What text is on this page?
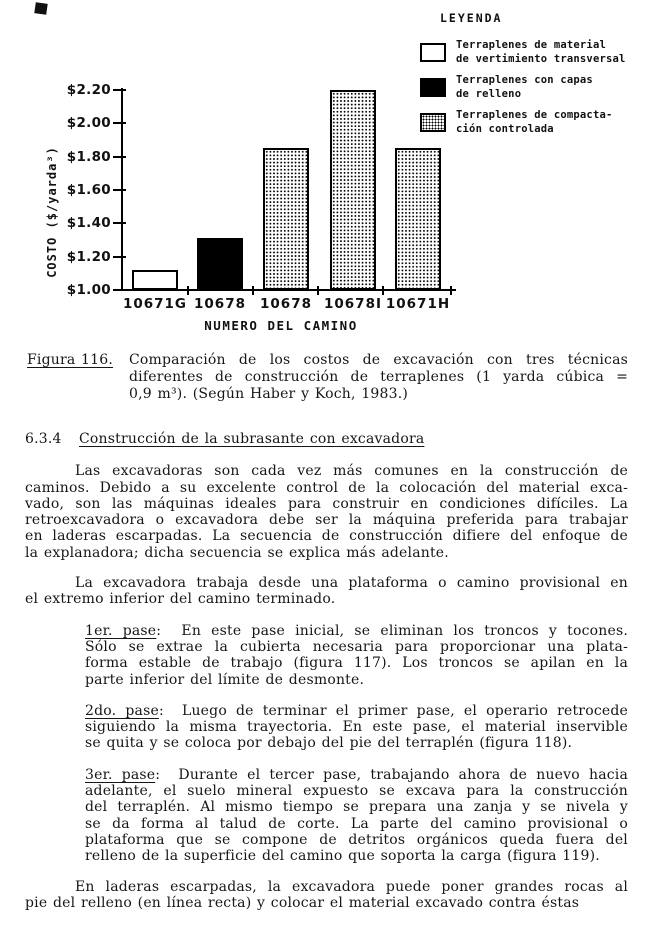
COSTO ($/yarda³)
$1.00
$1.20
$1.40
$1.60
$1.80
$2.00
$2.20
10671G 10678 10678 10678I 10671H
NUMERO DEL CAMINO
LEYENDA
Terraplenes de material
de vertimiento transversal
Terraplenes con capas
de relleno
Terraplenes de compacta-
ción controlada
Figura 116. Comparación de los costos de excavación con tres técnicas
diferentes de construcción de terraplenes (1 yarda cúbica =
0,9 m³). (Según Haber y Koch, 1983.)
6.3.4 Construcción de la subrasante con excavadora
Las excavadoras son cada vez más comunes en la construcción de
caminos. Debido a su excelente control de la colocación del material exca-
vado, son las máquinas ideales para construir en condiciones difíciles. La
retroexcavadora o excavadora debe ser la máquina preferida para trabajar
en laderas escarpadas. La secuencia de construcción difiere del enfoque de
la explanadora; dicha secuencia se explica más adelante.
La excavadora trabaja desde una plataforma o camino provisional en
el extremo inferior del camino terminado.
1er. pase:  En este pase inicial, se eliminan los troncos y tocones.
Sólo se extrae la cubierta necesaria para proporcionar una plata-
forma estable de trabajo (figura 117). Los troncos se apilan en la
parte inferior del límite de desmonte.
2do. pase:  Luego de terminar el primer pase, el operario retrocede
siguiendo la misma trayectoria. En este pase, el material inservible
se quita y se coloca por debajo del pie del terraplén (figura 118).
3er. pase:  Durante el tercer pase, trabajando ahora de nuevo hacia
adelante, el suelo mineral expuesto se excava para la construcción
del terraplén. Al mismo tiempo se prepara una zanja y se nivela y
se da forma al talud de corte. La parte del camino provisional o
plataforma que se compone de detritos orgánicos queda fuera del
relleno de la superficie del camino que soporta la carga (figura 119).
En laderas escarpadas, la excavadora puede poner grandes rocas al
pie del relleno (en línea recta) y colocar el material excavado contra éstas
